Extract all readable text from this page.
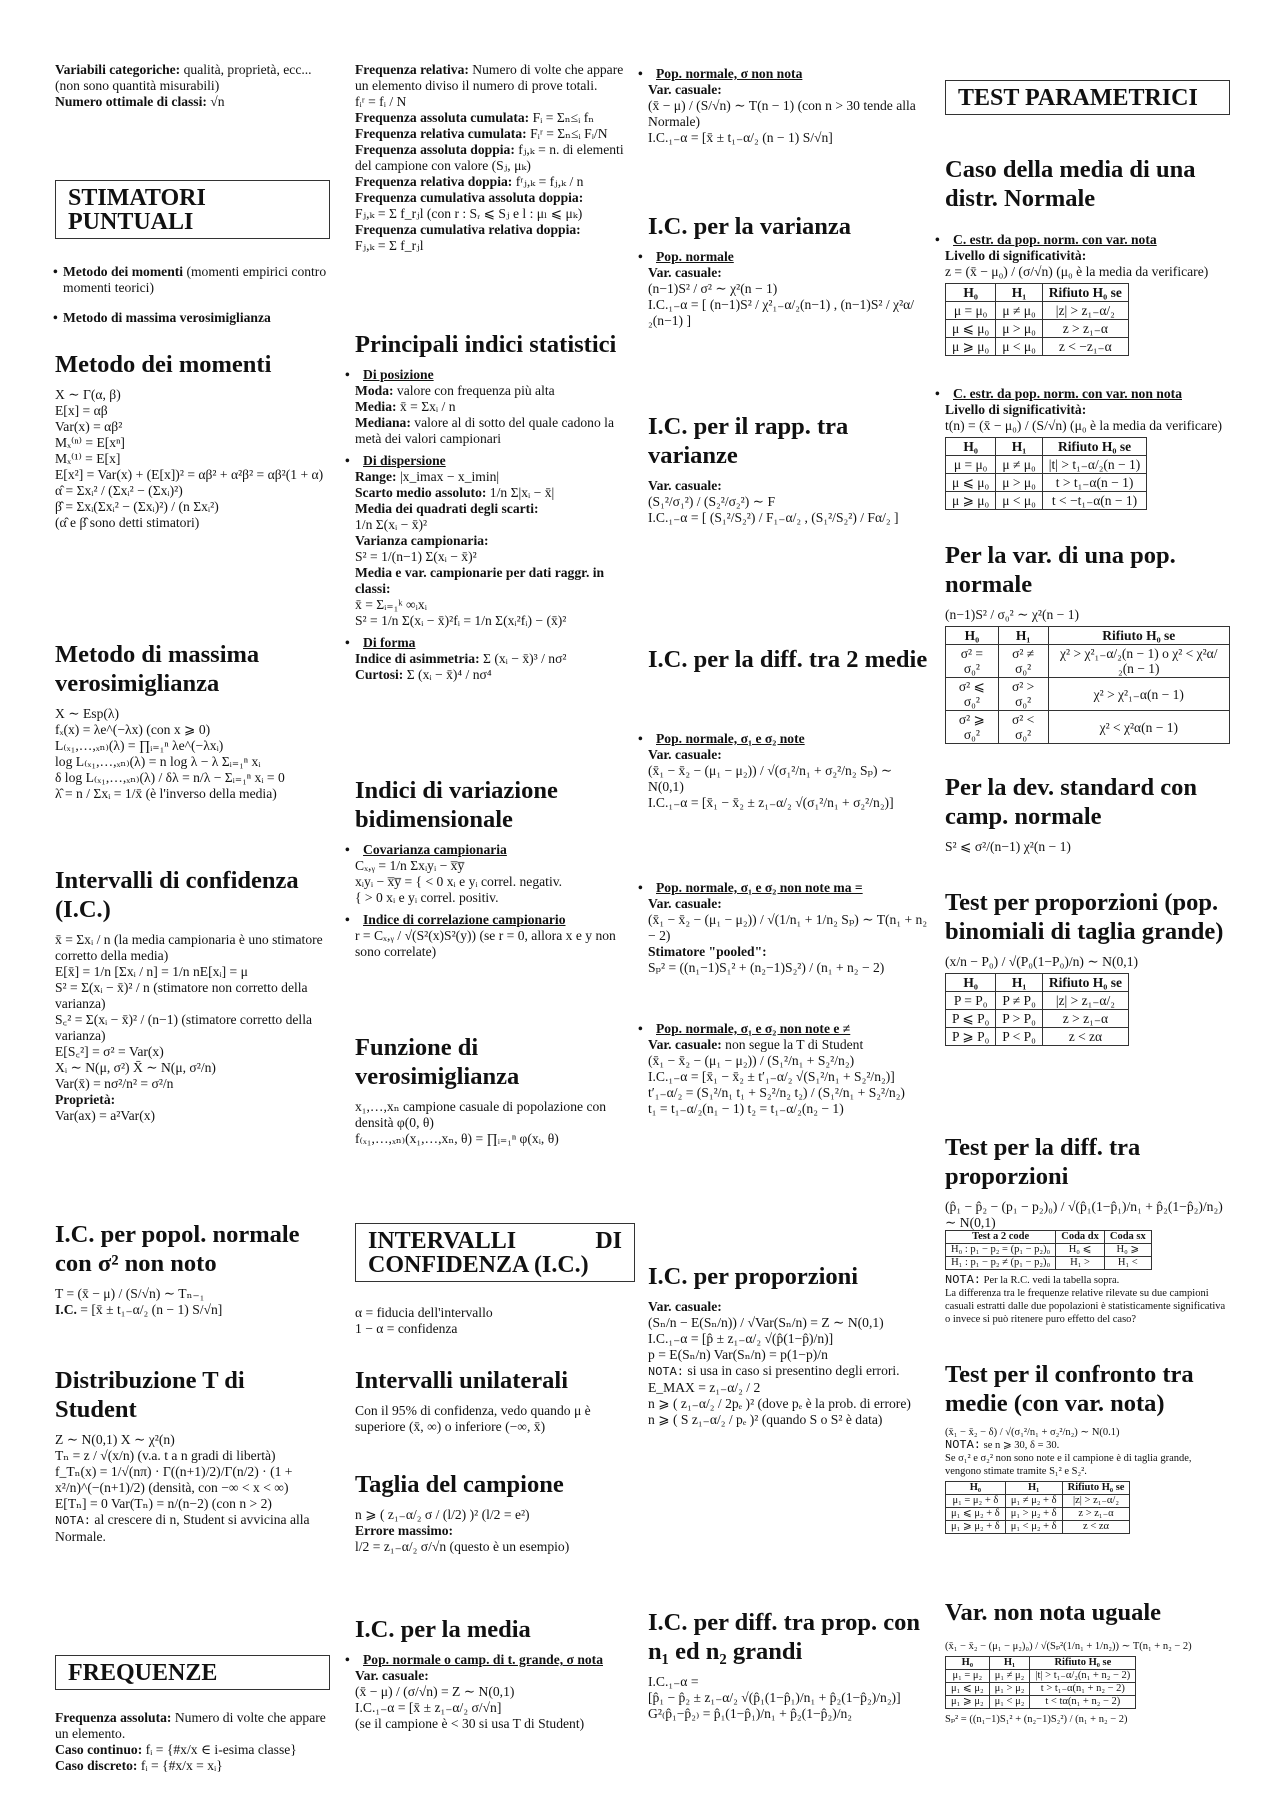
Variabili categoriche: qualità, proprietà, ecc... (non sono quantità misurabili)
Numero ottimale di classi: √n
STIMATORI PUNTUALI
• Metodo dei momenti (momenti empirici contro momenti teorici)
• Metodo di massima verosimiglianza
Metodo dei momenti
X ∼ Γ(α, β)
E[x] = αβ
Var(x) = αβ²
Mₓ⁽ⁿ⁾ = E[xⁿ]
Mₓ⁽¹⁾ = E[x]
E[x²] = Var(x) + (E[x])² = αβ² + α²β² = αβ²(1 + α)
α̂ = Σxᵢ² / (Σxᵢ² − (Σxᵢ)²)
β̂ = Σxᵢ(Σxᵢ² − (Σxᵢ)²) / (n Σxᵢ²)
(α̂ e β̂ sono detti stimatori)
Metodo di massima verosimiglianza
X ∼ Esp(λ)
fₓ(x) = λe^(−λx) (con x ⩾ 0)
L₍ₓ₁,…,ₓₙ₎(λ) = ∏ᵢ₌₁ⁿ λe^(−λxᵢ)
log L₍ₓ₁,…,ₓₙ₎(λ) = n log λ − λ Σᵢ₌₁ⁿ xᵢ
δ log L₍ₓ₁,…,ₓₙ₎(λ) / δλ = n/λ − Σᵢ₌₁ⁿ xᵢ = 0
λ̂ = n / Σxᵢ = 1/x̄ (è l'inverso della media)
Intervalli di confidenza (I.C.)
x̄ = Σxᵢ / n (la media campionaria è uno stimatore corretto della media)
E[x̄] = 1/n [Σxᵢ / n] = 1/n nE[xᵢ] = μ
S² = Σ(xᵢ − x̄)² / n (stimatore non corretto della varianza)
S꜀² = Σ(xᵢ − x̄)² / (n−1) (stimatore corretto della varianza)
E[S꜀²] = σ² = Var(x)
Xᵢ ∼ N(μ, σ²) X̄ ∼ N(μ, σ²/n)
Var(x̄) = nσ²/n² = σ²/n
Proprietà:
Var(ax) = a²Var(x)
I.C. per popol. normale con σ² non noto
T = (x̄ − μ) / (S/√n) ∼ Tₙ₋₁
I.C. = [x̄ ± t₁₋α/₂ (n − 1) S/√n]
Distribuzione T di Student
Z ∼ N(0,1) X ∼ χ²(n)
Tₙ = z / √(x/n) (v.a. t a n gradi di libertà)
f_Tₙ(x) = 1/√(nπ) · Γ((n+1)/2)/Γ(n/2) · (1 + x²/n)^(−(n+1)/2) (densità, con −∞ < x < ∞)
E[Tₙ] = 0 Var(Tₙ) = n/(n−2) (con n > 2)
NOTA: al crescere di n, Student si avvicina alla Normale.
FREQUENZE
Frequenza assoluta: Numero di volte che appare un elemento.
Caso continuo: fᵢ = {#x/x ∈ i-esima classe}
Caso discreto: fᵢ = {#x/x = xᵢ}
Frequenza relativa: Numero di volte che appare un elemento diviso il numero di prove totali.
fᵢʳ = fᵢ / N
Frequenza assoluta cumulata: Fᵢ = Σₙ≤ᵢ fₙ
Frequenza relativa cumulata: Fᵢʳ = Σₙ≤ᵢ Fᵢ/N
Frequenza assoluta doppia: fⱼ,ₖ = n. di elementi del campione con valore (Sⱼ, μₖ)
Frequenza relativa doppia: fʳⱼ,ₖ = fⱼ,ₖ / n
Frequenza cumulativa assoluta doppia:
Fⱼ,ₖ = Σ f_rⱼl (con r : Sᵣ ⩽ Sⱼ e l : μₗ ⩽ μₖ)
Frequenza cumulativa relativa doppia:
Fⱼ,ₖ = Σ f_rⱼl
Principali indici statistici
• Di posizione
Moda: valore con frequenza più alta
Media: x̄ = Σxᵢ / n
Mediana: valore al di sotto del quale cadono la metà dei valori campionari
• Di dispersione
Range: |x_imax − x_imin|
Scarto medio assoluto: 1/n Σ|xᵢ − x̄|
Media dei quadrati degli scarti:
1/n Σ(xᵢ − x̄)²
Varianza campionaria:
S² = 1/(n−1) Σ(xᵢ − x̄)²
Media e var. campionarie per dati raggr. in classi:
x̄ = Σᵢ₌₁ᵏ ∞ᵢxᵢ
S² = 1/n Σ(xᵢ − x̄)²fᵢ = 1/n Σ(xᵢ²fᵢ) − (x̄)²
• Di forma
Indice di asimmetria: Σ (xᵢ − x̄)³ / nσ²
Curtosi: Σ (xᵢ − x̄)⁴ / nσ⁴
Indici di variazione bidimensionale
• Covarianza campionaria
Cₓ,ᵧ = 1/n Σxᵢyᵢ − x̅y̅
xᵢyᵢ − x̅y̅ = { < 0 xᵢ e yᵢ correl. negativ.
{ > 0 xᵢ e yᵢ correl. positiv.
• Indice di correlazione campionario
r = Cₓ,ᵧ / √(S²(x)S²(y)) (se r = 0, allora x e y non sono correlate)
Funzione di verosimiglianza
x₁,…,xₙ campione casuale di popolazione con densità φ(0, θ)
f₍ₓ₁,…,ₓₙ₎(x₁,…,xₙ, θ) = ∏ᵢ₌₁ⁿ φ(xᵢ, θ)
INTERVALLI DI CONFIDENZA (I.C.)
α = fiducia dell'intervallo
1 − α = confidenza
Intervalli unilaterali
Con il 95% di confidenza, vedo quando μ è superiore (x̄, ∞) o inferiore (−∞, x̄)
Taglia del campione
n ⩾ ( z₁₋α/₂ σ / (l/2) )² (l/2 = e²)
Errore massimo:
l/2 = z₁₋α/₂ σ/√n (questo è un esempio)
I.C. per la media
• Pop. normale o camp. di t. grande, σ nota
Var. casuale:
(x̄ − μ) / (σ/√n) = Z ∼ N(0,1)
I.C.₁₋α = [x̄ ± z₁₋α/₂ σ/√n]
(se il campione è < 30 si usa T di Student)
• Pop. normale, σ non nota
Var. casuale:
(x̄ − μ) / (S/√n) ∼ T(n − 1) (con n > 30 tende alla Normale)
I.C.₁₋α = [x̄ ± t₁₋α/₂ (n − 1) S/√n]
I.C. per la varianza
• Pop. normale
Var. casuale:
(n−1)S² / σ² ∼ χ²(n − 1)
I.C.₁₋α = [ (n−1)S² / χ²₁₋α/₂(n−1) , (n−1)S² / χ²α/₂(n−1) ]
I.C. per il rapp. tra varianze
Var. casuale:
(S₁²/σ₁²) / (S₂²/σ₂²) ∼ F
I.C.₁₋α = [ (S₁²/S₂²) / F₁₋α/₂ , (S₁²/S₂²) / Fα/₂ ]
I.C. per la diff. tra 2 medie
• Pop. normale, σ₁ e σ₂ note
Var. casuale:
(x̄₁ − x̄₂ − (μ₁ − μ₂)) / √(σ₁²/n₁ + σ₂²/n₂ Sₚ) ∼ N(0,1)
I.C.₁₋α = [x̄₁ − x̄₂ ± z₁₋α/₂ √(σ₁²/n₁ + σ₂²/n₂)]
• Pop. normale, σ₁ e σ₂ non note ma =
Var. casuale:
(x̄₁ − x̄₂ − (μ₁ − μ₂)) / √(1/n₁ + 1/n₂ Sₚ) ∼ T(n₁ + n₂ − 2)
Stimatore "pooled":
Sₚ² = ((n₁−1)S₁² + (n₂−1)S₂²) / (n₁ + n₂ − 2)
• Pop. normale, σ₁ e σ₂ non note e ≠
Var. casuale: non segue la T di Student
(x̄₁ − x̄₂ − (μ₁ − μ₂)) / (S₁²/n₁ + S₂²/n₂)
I.C.₁₋α = [x̄₁ − x̄₂ ± t′₁₋α/₂ √(S₁²/n₁ + S₂²/n₂)]
t′₁₋α/₂ = (S₁²/n₁ t₁ + S₂²/n₂ t₂) / (S₁²/n₁ + S₂²/n₂)
t₁ = t₁₋α/₂(n₁ − 1) t₂ = t₁₋α/₂(n₂ − 1)
I.C. per proporzioni
Var. casuale:
(Sₙ/n − E(Sₙ/n)) / √Var(Sₙ/n) = Z ∼ N(0,1)
I.C.₁₋α = [p̂ ± z₁₋α/₂ √(p̂(1−p̂)/n)]
p = E(Sₙ/n) Var(Sₙ/n) = p(1−p)/n
NOTA: si usa in caso si presentino degli errori.
E_MAX = z₁₋α/₂ / 2
n ⩾ ( z₁₋α/₂ / 2pₑ )² (dove pₑ è la prob. di errore)
n ⩾ ( S z₁₋α/₂ / pₑ )² (quando S o S² è data)
I.C. per diff. tra prop. con n₁ ed n₂ grandi
I.C.₁₋α =
[p̂₁ − p̂₂ ± z₁₋α/₂ √(p̂₁(1−p̂₁)/n₁ + p̂₂(1−p̂₂)/n₂)]
G²₍p̂₁−p̂₂₎ = p̂₁(1−p̂₁)/n₁ + p̂₂(1−p̂₂)/n₂
TEST PARAMETRICI
Caso della media di una distr. Normale
• C. estr. da pop. norm. con var. nota
Livello di significatività:
z = (x̄ − μ₀) / (σ/√n) (μ₀ è la media da verificare)
H₀	H₁	Rifiuto H₀ se
μ = μ₀	μ ≠ μ₀	|z| > z₁₋α/₂
μ ⩽ μ₀	μ > μ₀	z > z₁₋α
μ ⩾ μ₀	μ < μ₀	z < −z₁₋α
• C. estr. da pop. norm. con var. non nota
Livello di significatività:
t(n) = (x̄ − μ₀) / (S/√n) (μ₀ è la media da verificare)
H₀	H₁	Rifiuto H₀ se
μ = μ₀	μ ≠ μ₀	|t| > t₁₋α/₂(n − 1)
μ ⩽ μ₀	μ > μ₀	t > t₁₋α(n − 1)
μ ⩾ μ₀	μ < μ₀	t < −t₁₋α(n − 1)
Per la var. di una pop. normale
(n−1)S² / σ₀² ∼ χ²(n − 1)
H₀	H₁	Rifiuto H₀ se
σ² = σ₀²	σ² ≠ σ₀²	χ² > χ²₁₋α/₂(n − 1) o χ² < χ²α/₂(n − 1)
σ² ⩽ σ₀²	σ² > σ₀²	χ² > χ²₁₋α(n − 1)
σ² ⩾ σ₀²	σ² < σ₀²	χ² < χ²α(n − 1)
Per la dev. standard con camp. normale
S² ⩽ σ²/(n−1) χ²(n − 1)
Test per proporzioni (pop. binomiali di taglia grande)
(x/n − P₀) / √(P₀(1−P₀)/n) ∼ N(0,1)
H₀	H₁	Rifiuto H₀ se
P = P₀	P ≠ P₀	|z| > z₁₋α/₂
P ⩽ P₀	P > P₀	z > z₁₋α
P ⩾ P₀	P < P₀	z < zα
Test per la diff. tra proporzioni
(p̂₁ − p̂₂ − (p₁ − p₂)₀) / √(p̂₁(1−p̂₁)/n₁ + p̂₂(1−p̂₂)/n₂) ∼ N(0,1)
Test a 2 code	Coda dx	Coda sx
H₀ : p₁ − p₂ = (p₁ − p₂)₀	H₀ ⩽	H₀ ⩾
H₁ : p₁ − p₂ ≠ (p₁ − p₂)₀	H₁ >	H₁ <
NOTA: Per la R.C. vedi la tabella sopra.
La differenza tra le frequenze relative rilevate su due campioni casuali estratti dalle due popolazioni è statisticamente significativa o invece si può ritenere puro effetto del caso?
Test per il confronto tra medie (con var. nota)
(x̄₁ − x̄₂ − δ) / √(σ₁²/n₁ + σ₂²/n₂) ∼ N(0.1)
NOTA: se n ⩾ 30, δ = 30.
Se σ₁² e σ₂² non sono note e il campione è di taglia grande, vengono stimate tramite S₁² e S₂².
H₀	H₁	Rifiuto H₀ se
μ₁ = μ₂ + δ	μ₁ ≠ μ₂ + δ	|z| > z₁₋α/₂
μ₁ ⩽ μ₂ + δ	μ₁ > μ₂ + δ	z > z₁₋α
μ₁ ⩾ μ₂ + δ	μ₁ < μ₂ + δ	z < zα
Var. non nota uguale
(x̄₁ − x̄₂ − (μ₁ − μ₂)₀) / √(Sₚ²(1/n₁ + 1/n₂)) ∼ T(n₁ + n₂ − 2)
H₀	H₁	Rifiuto H₀ se
μ₁ = μ₂	μ₁ ≠ μ₂	|t| > t₁₋α/₂(n₁ + n₂ − 2)
μ₁ ⩽ μ₂	μ₁ > μ₂	t > t₁₋α(n₁ + n₂ − 2)
μ₁ ⩾ μ₂	μ₁ < μ₂	t < tα(n₁ + n₂ − 2)
Sₚ² = ((n₁−1)S₁² + (n₂−1)S₂²) / (n₁ + n₂ − 2)
